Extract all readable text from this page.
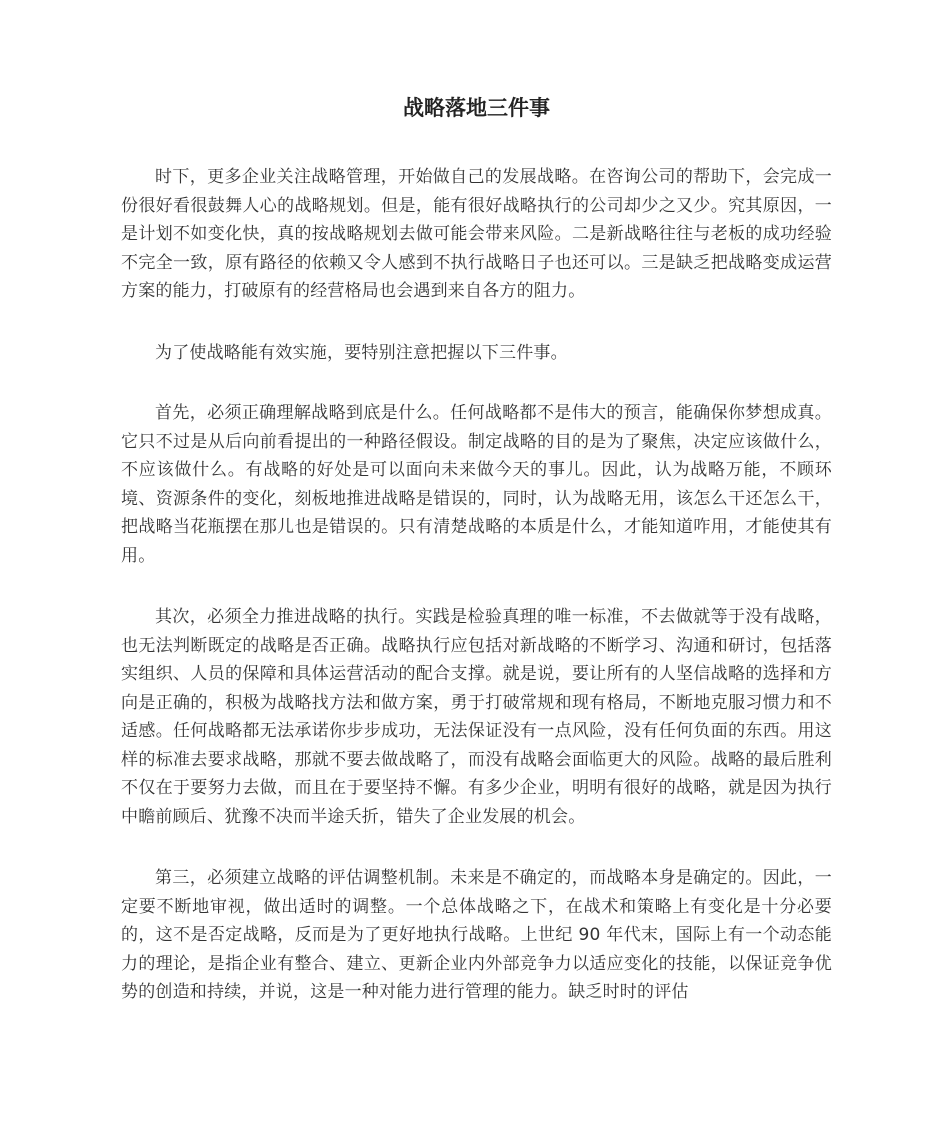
战略落地三件事

时下，更多企业关注战略管理，开始做自己的发展战略。在咨询公司的帮助下，会完成一份很好看很鼓舞人心的战略规划。但是，能有很好战略执行的公司却少之又少。究其原因，一是计划不如变化快，真的按战略规划去做可能会带来风险。二是新战略往往与老板的成功经验不完全一致，原有路径的依赖又令人感到不执行战略日子也还可以。三是缺乏把战略变成运营方案的能力，打破原有的经营格局也会遇到来自各方的阻力。

为了使战略能有效实施，要特别注意把握以下三件事。

首先，必须正确理解战略到底是什么。任何战略都不是伟大的预言，能确保你梦想成真。它只不过是从后向前看提出的一种路径假设。制定战略的目的是为了聚焦，决定应该做什么，不应该做什么。有战略的好处是可以面向未来做今天的事儿。因此，认为战略万能，不顾环境、资源条件的变化，刻板地推进战略是错误的，同时，认为战略无用，该怎么干还怎么干，把战略当花瓶摆在那儿也是错误的。只有清楚战略的本质是什么，才能知道咋用，才能使其有用。

其次，必须全力推进战略的执行。实践是检验真理的唯一标准，不去做就等于没有战略，也无法判断既定的战略是否正确。战略执行应包括对新战略的不断学习、沟通和研讨，包括落实组织、人员的保障和具体运营活动的配合支撑。就是说，要让所有的人坚信战略的选择和方向是正确的，积极为战略找方法和做方案，勇于打破常规和现有格局，不断地克服习惯力和不适感。任何战略都无法承诺你步步成功，无法保证没有一点风险，没有任何负面的东西。用这样的标准去要求战略，那就不要去做战略了，而没有战略会面临更大的风险。战略的最后胜利不仅在于要努力去做，而且在于要坚持不懈。有多少企业，明明有很好的战略，就是因为执行中瞻前顾后、犹豫不决而半途夭折，错失了企业发展的机会。

第三，必须建立战略的评估调整机制。未来是不确定的，而战略本身是确定的。因此，一定要不断地审视，做出适时的调整。一个总体战略之下，在战术和策略上有变化是十分必要的，这不是否定战略，反而是为了更好地执行战略。上世纪 90 年代末，国际上有一个动态能力的理论，是指企业有整合、建立、更新企业内外部竞争力以适应变化的技能，以保证竞争优势的创造和持续，并说，这是一种对能力进行管理的能力。缺乏时时的评估
